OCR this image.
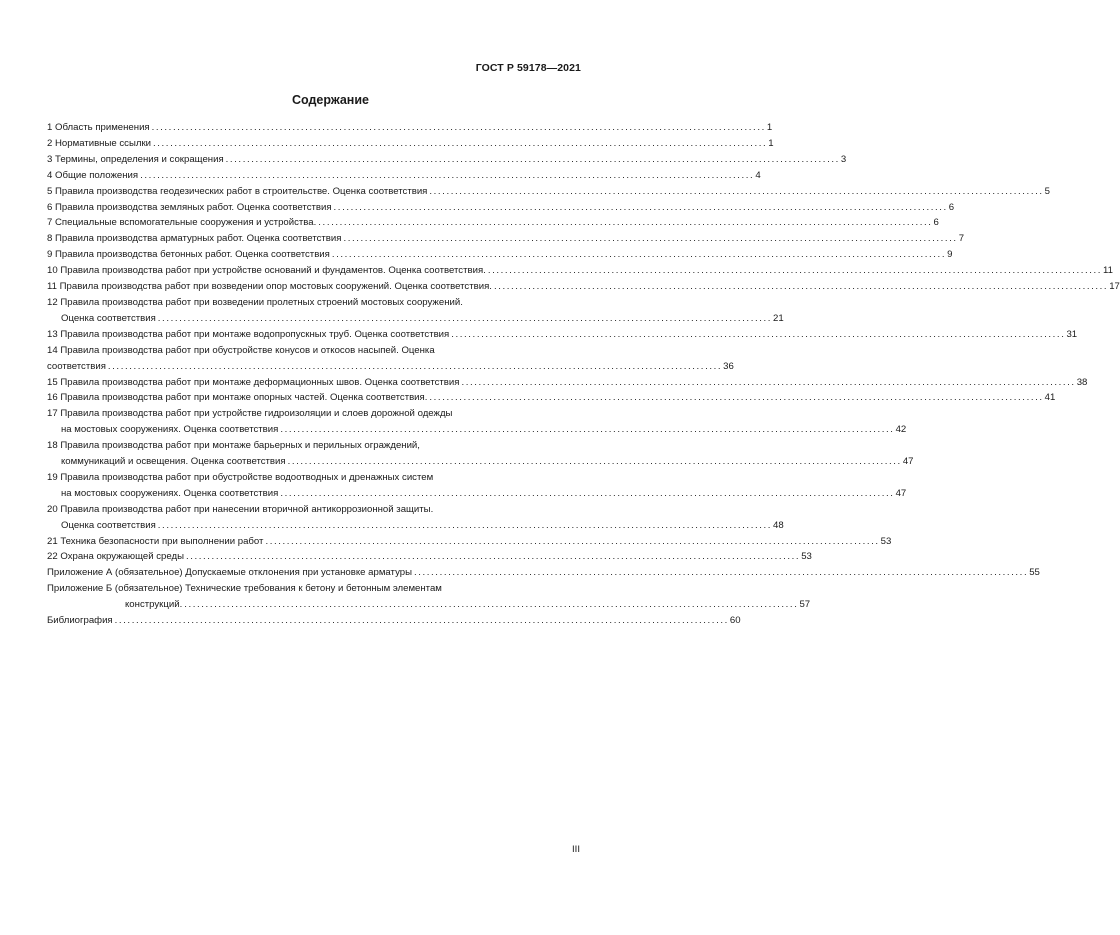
ГОСТ Р 59178—2021
Содержание
1 Область применения ................................................................................................................................................ 1
2 Нормативные ссылки ................................................................................................................................................ 1
3 Термины, определения и сокращения ................................................................................................................................................ 3
4 Общие положения ................................................................................................................................................ 4
5 Правила производства геодезических работ в строительстве. Оценка соответствия ................................................................................................................................................ 5
6 Правила производства земляных работ. Оценка соответствия ................................................................................................................................................ 6
7 Специальные вспомогательные сооружения и устройства. ................................................................................................................................................ 6
8 Правила производства арматурных работ. Оценка соответствия ................................................................................................................................................ 7
9 Правила производства бетонных работ. Оценка соответствия ................................................................................................................................................ 9
10 Правила производства работ при устройстве оснований и фундаментов. Оценка соответствия. ................................................................................................................................................ 11
11 Правила производства работ при возведении опор мостовых сооружений. Оценка соответствия. ................................................................................................................................................ 17
12 Правила производства работ при возведении пролетных строений мостовых сооружений.
Оценка соответствия ................................................................................................................................................ 21
13 Правила производства работ при монтаже водопропускных труб. Оценка соответствия ................................................................................................................................................ 31
14 Правила производства работ при обустройстве конусов и откосов насыпей. Оценка
соответствия ................................................................................................................................................ 36
15 Правила производства работ при монтаже деформационных швов. Оценка соответствия ................................................................................................................................................ 38
16 Правила производства работ при монтаже опорных частей. Оценка соответствия. ................................................................................................................................................ 41
17 Правила производства работ при устройстве гидроизоляции и слоев дорожной одежды
на мостовых сооружениях. Оценка соответствия ................................................................................................................................................ 42
18 Правила производства работ при монтаже барьерных и перильных ограждений,
коммуникаций и освещения. Оценка соответствия ................................................................................................................................................ 47
19 Правила производства работ при обустройстве водоотводных и дренажных систем
на мостовых сооружениях. Оценка соответствия ................................................................................................................................................ 47
20 Правила производства работ при нанесении вторичной антикоррозионной защиты.
Оценка соответствия ................................................................................................................................................ 48
21 Техника безопасности при выполнении работ ................................................................................................................................................ 53
22 Охрана окружающей среды ................................................................................................................................................ 53
Приложение А (обязательное) Допускаемые отклонения при установке арматуры ................................................................................................................................................ 55
Приложение Б (обязательное) Технические требования к бетону и бетонным элементам
конструкций. ................................................................................................................................................ 57
Библиография ................................................................................................................................................ 60
III
